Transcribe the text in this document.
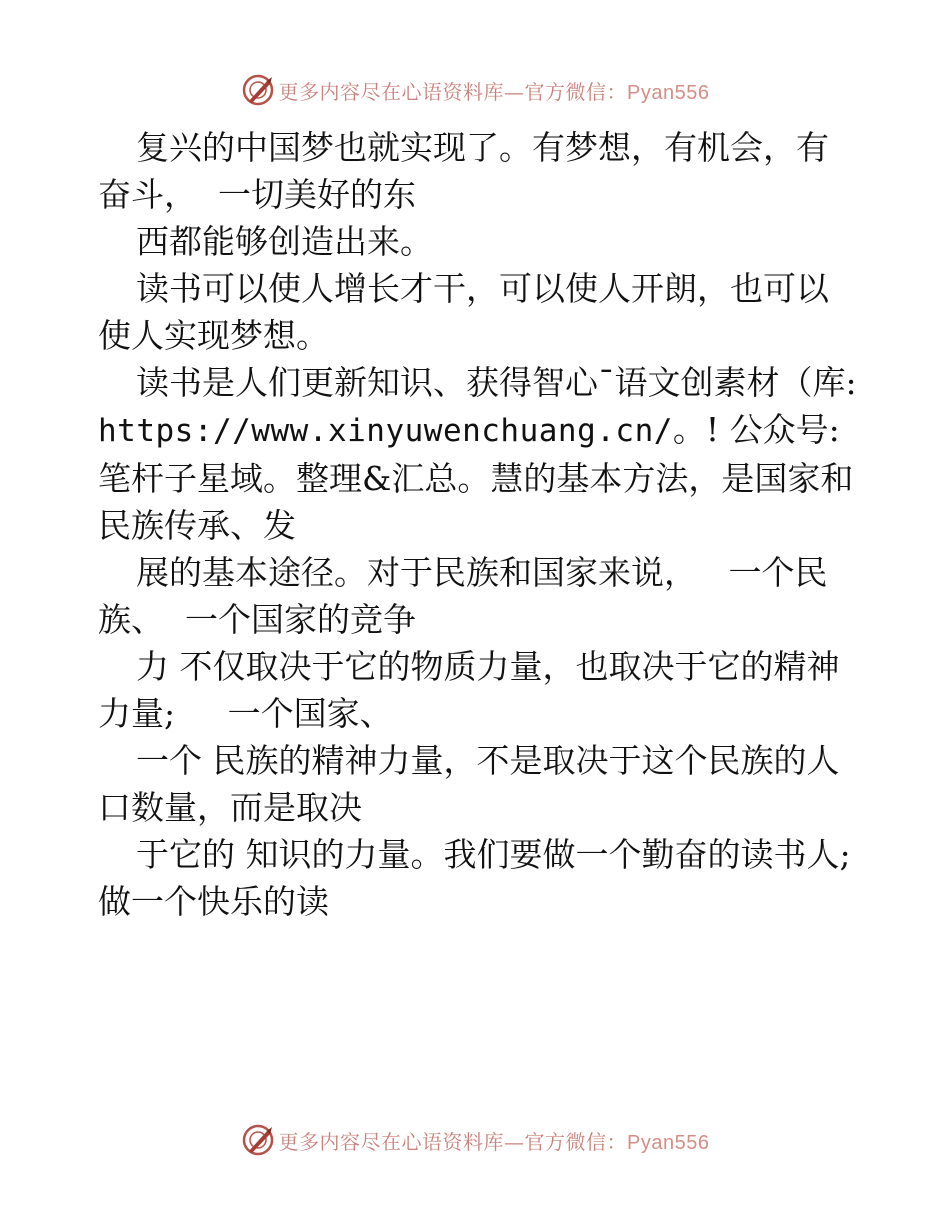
更多内容尽在心语资料库—官方微信：Pyan556

复兴的中国梦也就实现了。有梦想，有机会，有奋斗，  一切美好的东

西都能够创造出来。

读书可以使人增长才干，可以使人开朗，也可以使人实现梦想。

读书是人们更新知识、获得智心¯语文创素材（库: https://www.xinyuwenchuang.cn/。! 公众号: 笔杆子星域。整理&汇总。慧的基本方法，是国家和民族传承、发

展的基本途径。对于民族和国家来说，   一个民族、  一个国家的竞争

力 不仅取决于它的物质力量，也取决于它的精神力量;     一个国家、

一个 民族的精神力量，不是取决于这个民族的人口数量，而是取决

于它的 知识的力量。我们要做一个勤奋的读书人; 做一个快乐的读

更多内容尽在心语资料库—官方微信：Pyan556
